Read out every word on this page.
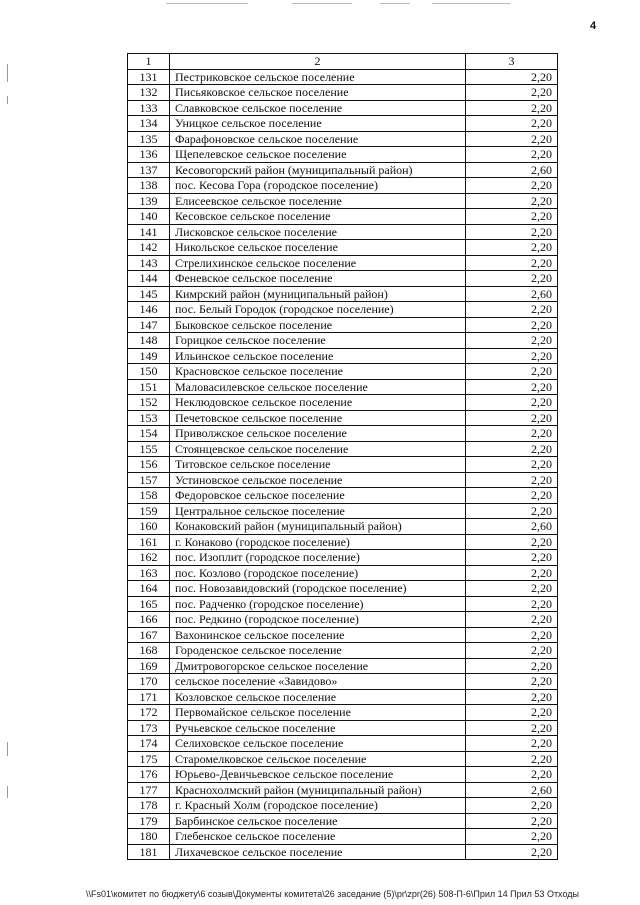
4
1	2	3
131	Пестриковское сельское поселение	2,20
132	Письяковское сельское поселение	2,20
133	Славковское сельское поселение	2,20
134	Уницкое сельское поселение	2,20
135	Фарафоновское сельское поселение	2,20
136	Щепелевское сельское поселение	2,20
137	Кесовогорский район (муниципальный район)	2,60
138	пос. Кесова Гора (городское поселение)	2,20
139	Елисеевское сельское поселение	2,20
140	Кесовское сельское поселение	2,20
141	Лисковское сельское поселение	2,20
142	Никольское сельское поселение	2,20
143	Стрелихинское сельское поселение	2,20
144	Феневское сельское поселение	2,20
145	Кимрский район (муниципальный район)	2,60
146	пос. Белый Городок (городское поселение)	2,20
147	Быковское сельское поселение	2,20
148	Горицкое сельское поселение	2,20
149	Ильинское сельское поселение	2,20
150	Красновское сельское поселение	2,20
151	Маловасилевское сельское поселение	2,20
152	Неклюдовское сельское поселение	2,20
153	Печетовское сельское поселение	2,20
154	Приволжское сельское поселение	2,20
155	Стоянцевское сельское поселение	2,20
156	Титовское сельское поселение	2,20
157	Устиновское сельское поселение	2,20
158	Федоровское сельское поселение	2,20
159	Центральное сельское поселение	2,20
160	Конаковский район (муниципальный район)	2,60
161	г. Конаково (городское поселение)	2,20
162	пос. Изоплит (городское поселение)	2,20
163	пос. Козлово (городское поселение)	2,20
164	пос. Новозавидовский (городское поселение)	2,20
165	пос. Радченко (городское поселение)	2,20
166	пос. Редкино (городское поселение)	2,20
167	Вахонинское сельское поселение	2,20
168	Городенское сельское поселение	2,20
169	Дмитровогорское сельское поселение	2,20
170	сельское поселение «Завидово»	2,20
171	Козловское сельское поселение	2,20
172	Первомайское сельское поселение	2,20
173	Ручьевское сельское поселение	2,20
174	Селиховское сельское поселение	2,20
175	Старомелковское сельское поселение	2,20
176	Юрьево-Девичьевское сельское поселение	2,20
177	Краснохолмский район (муниципальный район)	2,60
178	г. Красный Холм (городское поселение)	2,20
179	Барбинское сельское поселение	2,20
180	Глебенское сельское поселение	2,20
181	Лихачевское сельское поселение	2,20
\\Fs01\комитет по бюджету\6 созыв\Документы комитета\26 заседание (5)\pr\zpr(26) 508-П-6\Прил 14 Прил 53 Отходы
